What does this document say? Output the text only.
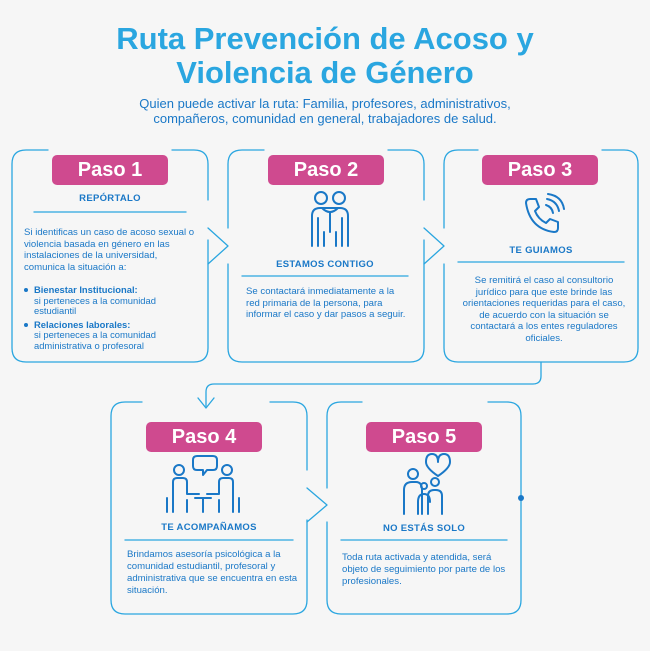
Ruta Prevención de Acoso y
Violencia de Género

Quien puede activar la ruta: Familia, profesores, administrativos,
compañeros, comunidad en general, trabajadores de salud.

Paso 1
REPÓRTALO

Si identificas un caso de acoso sexual o violencia basada en género en las instalaciones de la universidad, comunica la situación a:

Bienestar Institucional:
si perteneces a la comunidad estudiantil
Relaciones laborales:
si perteneces a la comunidad administrativa o profesoral
Paso 2
ESTAMOS CONTIGO

Se contactará inmediatamente a la red primaria de la persona, para informar el caso y dar pasos a seguir.

Paso 3
TE GUIAMOS

Se remitirá el caso al consultorio jurídico para que este brinde las orientaciones requeridas para el caso, de acuerdo con la situación se contactará a los entes reguladores oficiales.

Paso 4
TE ACOMPAÑAMOS

Brindamos asesoría psicológica a la comunidad estudiantil, profesoral y administrativa que se encuentra en esta situación.

Paso 5
NO ESTÁS SOLO

Toda ruta activada y atendida, será objeto de seguimiento por parte de los profesionales.
